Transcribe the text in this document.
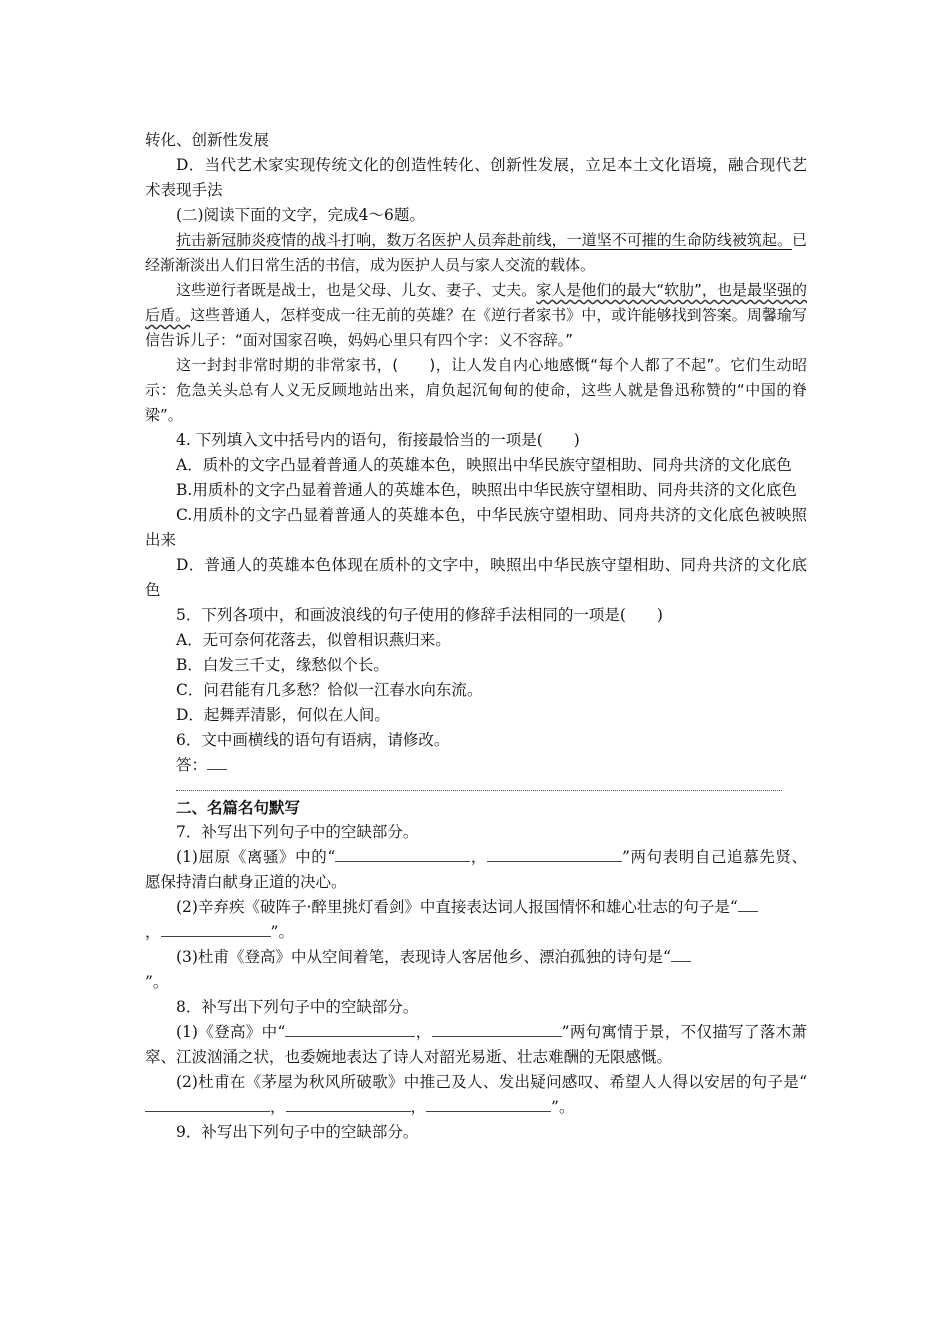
转化、创新性发展

D．当代艺术家实现传统文化的创造性转化、创新性发展，立足本土文化语境，融合现代艺术表现手法

(二)阅读下面的文字，完成4～6题。

抗击新冠肺炎疫情的战斗打响，数万名医护人员奔赴前线，一道坚不可摧的生命防线被筑起。已经渐渐淡出人们日常生活的书信，成为医护人员与家人交流的载体。

这些逆行者既是战士，也是父母、儿女、妻子、丈夫。家人是他们的最大“软肋”，也是最坚强的后盾。这些普通人，怎样变成一往无前的英雄？在《逆行者家书》中，或许能够找到答案。周馨瑜写信告诉儿子：“面对国家召唤，妈妈心里只有四个字：义不容辞。”

这一封封非常时期的非常家书，(　　)，让人发自内心地感慨“每个人都了不起”。它们生动昭示：危急关头总有人义无反顾地站出来，肩负起沉甸甸的使命，这些人就是鲁迅称赞的“中国的脊梁”。

4. 下列填入文中括号内的语句，衔接最恰当的一项是(　　)

A．质朴的文字凸显着普通人的英雄本色，映照出中华民族守望相助、同舟共济的文化底色

B.用质朴的文字凸显着普通人的英雄本色，映照出中华民族守望相助、同舟共济的文化底色

C.用质朴的文字凸显着普通人的英雄本色，中华民族守望相助、同舟共济的文化底色被映照出来

D．普通人的英雄本色体现在质朴的文字中，映照出中华民族守望相助、同舟共济的文化底色

5．下列各项中，和画波浪线的句子使用的修辞手法相同的一项是(　　)

A．无可奈何花落去，似曾相识燕归来。

B．白发三千丈，缘愁似个长。

C．问君能有几多愁？恰似一江春水向东流。

D．起舞弄清影，何似在人间。

6．文中画横线的语句有语病，请修改。

答：

二、名篇名句默写

7．补写出下列句子中的空缺部分。

(1)屈原《离骚》中的“	，	”两句表明自己追慕先贤、愿保持清白献身正道的决心。

(2)辛弃疾《破阵子·醉里挑灯看剑》中直接表达词人报国情怀和雄心壮志的句子是“
，	”。

(3)杜甫《登高》中从空间着笔，表现诗人客居他乡、漂泊孤独的诗句是“
”。

8．补写出下列句子中的空缺部分。

(1)《登高》中“	，	”两句寓情于景，不仅描写了落木萧窣、江波汹涌之状，也委婉地表达了诗人对韶光易逝、壮志难酬的无限感慨。

(2)杜甫在《茅屋为秋风所破歌》中推己及人、发出疑问感叹、希望人人得以安居的句子是“，	，	”。

9．补写出下列句子中的空缺部分。
